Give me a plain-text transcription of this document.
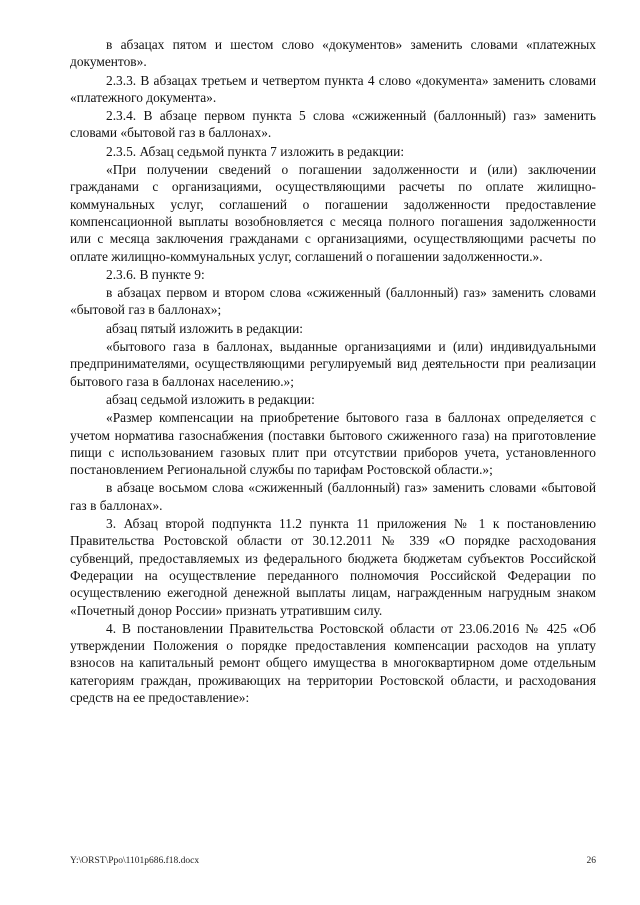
в абзацах пятом и шестом слово «документов» заменить словами «платежных документов».

2.3.3. В абзацах третьем и четвертом пункта 4 слово «документа» заменить словами «платежного документа».

2.3.4. В абзаце первом пункта 5 слова «сжиженный (баллонный) газ» заменить словами «бытовой газ в баллонах».

2.3.5. Абзац седьмой пункта 7 изложить в редакции:

«При получении сведений о погашении задолженности и (или) заключении гражданами с организациями, осуществляющими расчеты по оплате жилищно-коммунальных услуг, соглашений о погашении задолженности предоставление компенсационной выплаты возобновляется с месяца полного погашения задолженности или с месяца заключения гражданами с организациями, осуществляющими расчеты по оплате жилищно-коммунальных услуг, соглашений о погашении задолженности.».

2.3.6. В пункте 9:

в абзацах первом и втором слова «сжиженный (баллонный) газ» заменить словами «бытовой газ в баллонах»;

абзац пятый изложить в редакции:

«бытового газа в баллонах, выданные организациями и (или) индивидуальными предпринимателями, осуществляющими регулируемый вид деятельности при реализации бытового газа в баллонах населению.»;

абзац седьмой изложить в редакции:

«Размер компенсации на приобретение бытового газа в баллонах определяется с учетом норматива газоснабжения (поставки бытового сжиженного газа) на приготовление пищи с использованием газовых плит при отсутствии приборов учета, установленного постановлением Региональной службы по тарифам Ростовской области.»;

в абзаце восьмом слова «сжиженный (баллонный) газ» заменить словами «бытовой газ в баллонах».

3. Абзац второй подпункта 11.2 пункта 11 приложения № 1 к постановлению Правительства Ростовской области от 30.12.2011 № 339 «О порядке расходования субвенций, предоставляемых из федерального бюджета бюджетам субъектов Российской Федерации на осуществление переданного полномочия Российской Федерации по осуществлению ежегодной денежной выплаты лицам, награжденным нагрудным знаком «Почетный донор России» признать утратившим силу.

4. В постановлении Правительства Ростовской области от 23.06.2016 № 425 «Об утверждении Положения о порядке предоставления компенсации расходов на уплату взносов на капитальный ремонт общего имущества в многоквартирном доме отдельным категориям граждан, проживающих на территории Ростовской области, и расходования средств на ее предоставление»:

Y:\ORST\Ppo\1101p686.f18.docx	26
